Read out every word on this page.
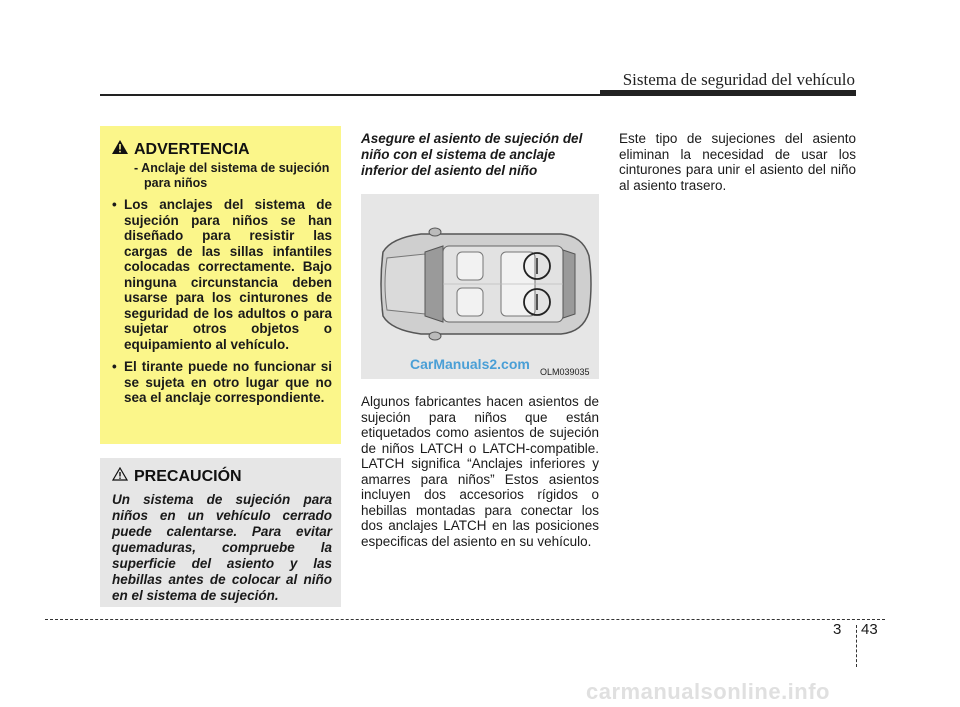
Sistema de seguridad del vehículo
ADVERTENCIA
- Anclaje del sistema de sujeción para niños
• Los anclajes del sistema de sujeción para niños se han diseñado para resistir las cargas de las sillas infantiles colocadas correctamente. Bajo ninguna circunstancia deben usarse para los cinturones de seguridad de los adultos o para sujetar otros objetos o equipamiento al vehículo.
• El tirante puede no funcionar si se sujeta en otro lugar que no sea el anclaje correspondiente.
PRECAUCIÓN
Un sistema de sujeción para niños en un vehículo cerrado puede calentarse. Para evitar quemaduras, compruebe la superficie del asiento y las hebillas antes de colocar al niño en el sistema de sujeción.
Asegure el asiento de sujeción del niño con el sistema de anclaje inferior del asiento del niño
CarManuals2.com OLM039035
Algunos fabricantes hacen asientos de sujeción para niños que están etiquetados como asientos de sujeción de niños LATCH o LATCH-compatible. LATCH significa “Anclajes inferiores y amarres para niños” Estos asientos incluyen dos accesorios rígidos o hebillas montadas para conectar los dos anclajes LATCH en las posiciones especificas del asiento en su vehículo.
Este tipo de sujeciones del asiento eliminan la necesidad de usar los cinturones para unir el asiento del niño al asiento trasero.
3 43
carmanualsonline.info
